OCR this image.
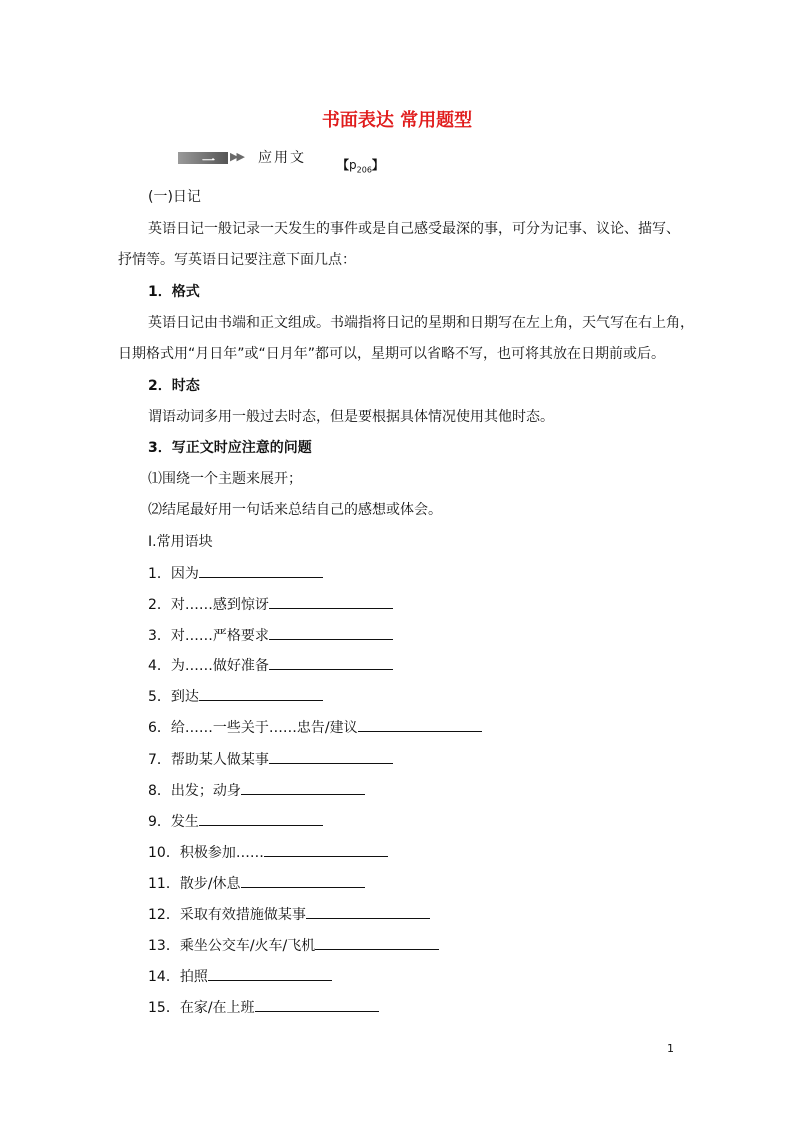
书面表达 常用题型
一 ▶▶ 应用文	【$p_{206}$】
(一)日记
英语日记一般记录一天发生的事件或是自己感受最深的事，可分为记事、议论、描写、
抒情等。写英语日记要注意下面几点：
1．格式
英语日记由书端和正文组成。书端指将日记的星期和日期写在左上角，天气写在右上角，
日期格式用“月日年”或“日月年”都可以，星期可以省略不写，也可将其放在日期前或后。
2．时态
谓语动词多用一般过去时态，但是要根据具体情况使用其他时态。
3．写正文时应注意的问题
⑴围绕一个主题来展开；
⑵结尾最好用一句话来总结自己的感想或体会。
Ⅰ.常用语块
1．因为
2．对……感到惊讶
3．对……严格要求
4．为……做好准备
5．到达
6．给……一些关于……忠告/建议
7．帮助某人做某事
8．出发；动身
9．发生
10．积极参加……
11．散步/休息
12．采取有效措施做某事
13．乘坐公交车/火车/飞机
14．拍照
15．在家/在上班
1
